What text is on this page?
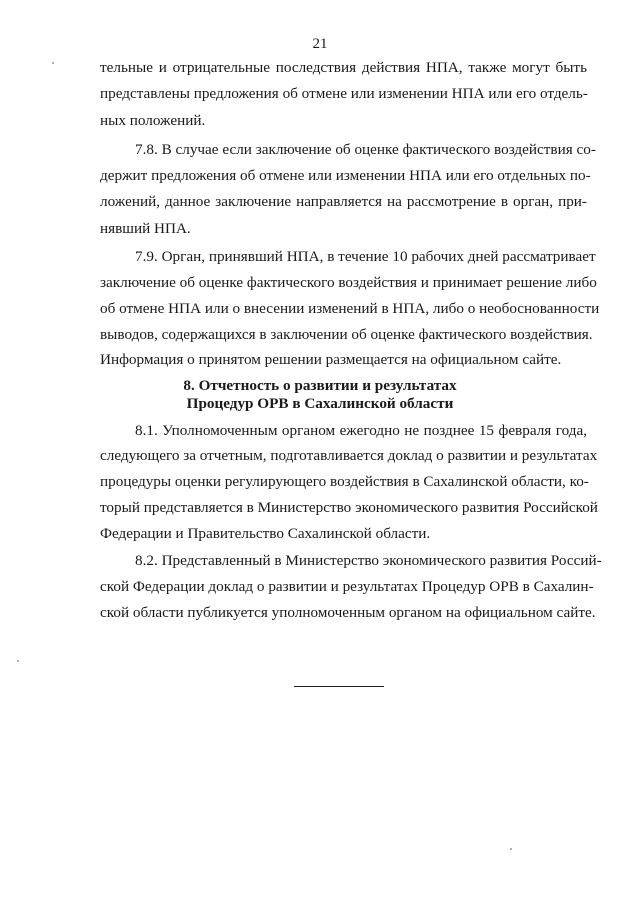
21
тельные и отрицательные последствия действия НПА, также могут быть
представлены предложения об отмене или изменении НПА или его отдель-
ных положений.
7.8. В случае если заключение об оценке фактического воздействия со-
держит предложения об отмене или изменении НПА или его отдельных по-
ложений, данное заключение направляется на рассмотрение в орган, при-
нявший НПА.
7.9. Орган, принявший НПА, в течение 10 рабочих дней рассматривает
заключение об оценке фактического воздействия и принимает решение либо
об отмене НПА или о внесении изменений в НПА, либо о необоснованности
выводов, содержащихся в заключении об оценке фактического воздействия.
Информация о принятом решении размещается на официальном сайте.
8. Отчетность о развитии и результатах
Процедур ОРВ в Сахалинской области
8.1. Уполномоченным органом ежегодно не позднее 15 февраля года,
следующего за отчетным, подготавливается доклад о развитии и результатах
процедуры оценки регулирующего воздействия в Сахалинской области, ко-
торый представляется в Министерство экономического развития Российской
Федерации и Правительство Сахалинской области.
8.2. Представленный в Министерство экономического развития Россий-
ской Федерации доклад о развитии и результатах Процедур ОРВ в Сахалин-
ской области публикуется уполномоченным органом на официальном сайте.
